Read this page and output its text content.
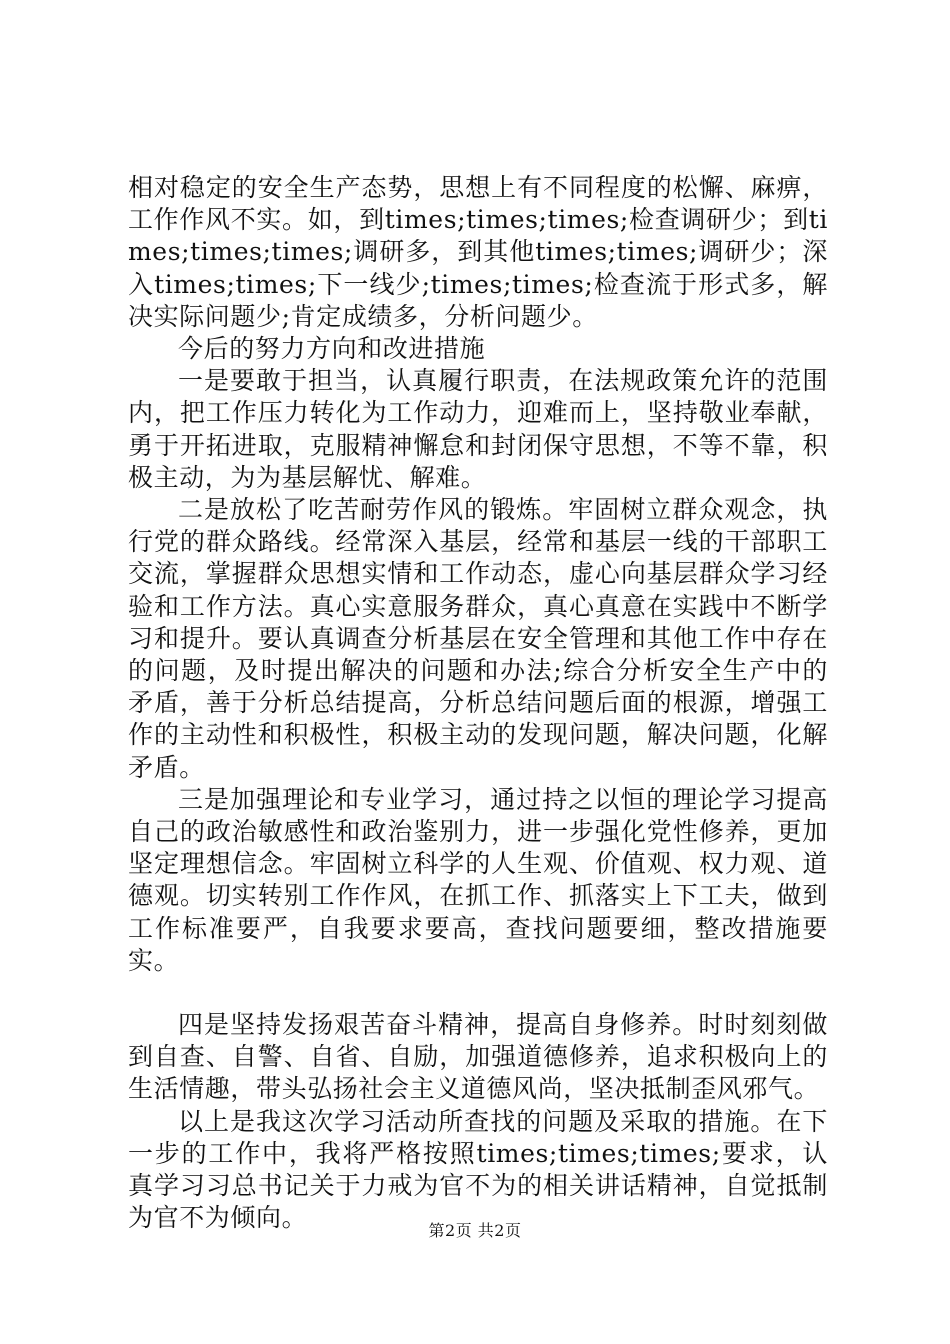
相对稳定的安全生产态势，思想上有不同程度的松懈、麻痹，工作作风不实。如，到times;times;times;检查调研少；到times;times;times;调研多，到其他times;times;调研少；深入times;times;下一线少;times;times;检查流于形式多，解决实际问题少;肯定成绩多，分析问题少。

今后的努力方向和改进措施

一是要敢于担当，认真履行职责，在法规政策允许的范围内，把工作压力转化为工作动力，迎难而上，坚持敬业奉献，勇于开拓进取，克服精神懈怠和封闭保守思想，不等不靠，积极主动，为为基层解忧、解难。

二是放松了吃苦耐劳作风的锻炼。牢固树立群众观念，执行党的群众路线。经常深入基层，经常和基层一线的干部职工交流，掌握群众思想实情和工作动态，虚心向基层群众学习经验和工作方法。真心实意服务群众，真心真意在实践中不断学习和提升。要认真调查分析基层在安全管理和其他工作中存在的问题，及时提出解决的问题和办法;综合分析安全生产中的矛盾，善于分析总结提高，分析总结问题后面的根源，增强工作的主动性和积极性，积极主动的发现问题，解决问题，化解矛盾。

三是加强理论和专业学习，通过持之以恒的理论学习提高自己的政治敏感性和政治鉴别力，进一步强化党性修养，更加坚定理想信念。牢固树立科学的人生观、价值观、权力观、道德观。切实转别工作作风，在抓工作、抓落实上下工夫，做到工作标准要严，自我要求要高，查找问题要细，整改措施要实。

四是坚持发扬艰苦奋斗精神，提高自身修养。时时刻刻做到自查、自警、自省、自励，加强道德修养，追求积极向上的生活情趣，带头弘扬社会主义道德风尚，坚决抵制歪风邪气。

以上是我这次学习活动所查找的问题及采取的措施。在下一步的工作中，我将严格按照times;times;times;要求，认真学习习总书记关于力戒为官不为的相关讲话精神，自觉抵制为官不为倾向。	第2页 共2页
